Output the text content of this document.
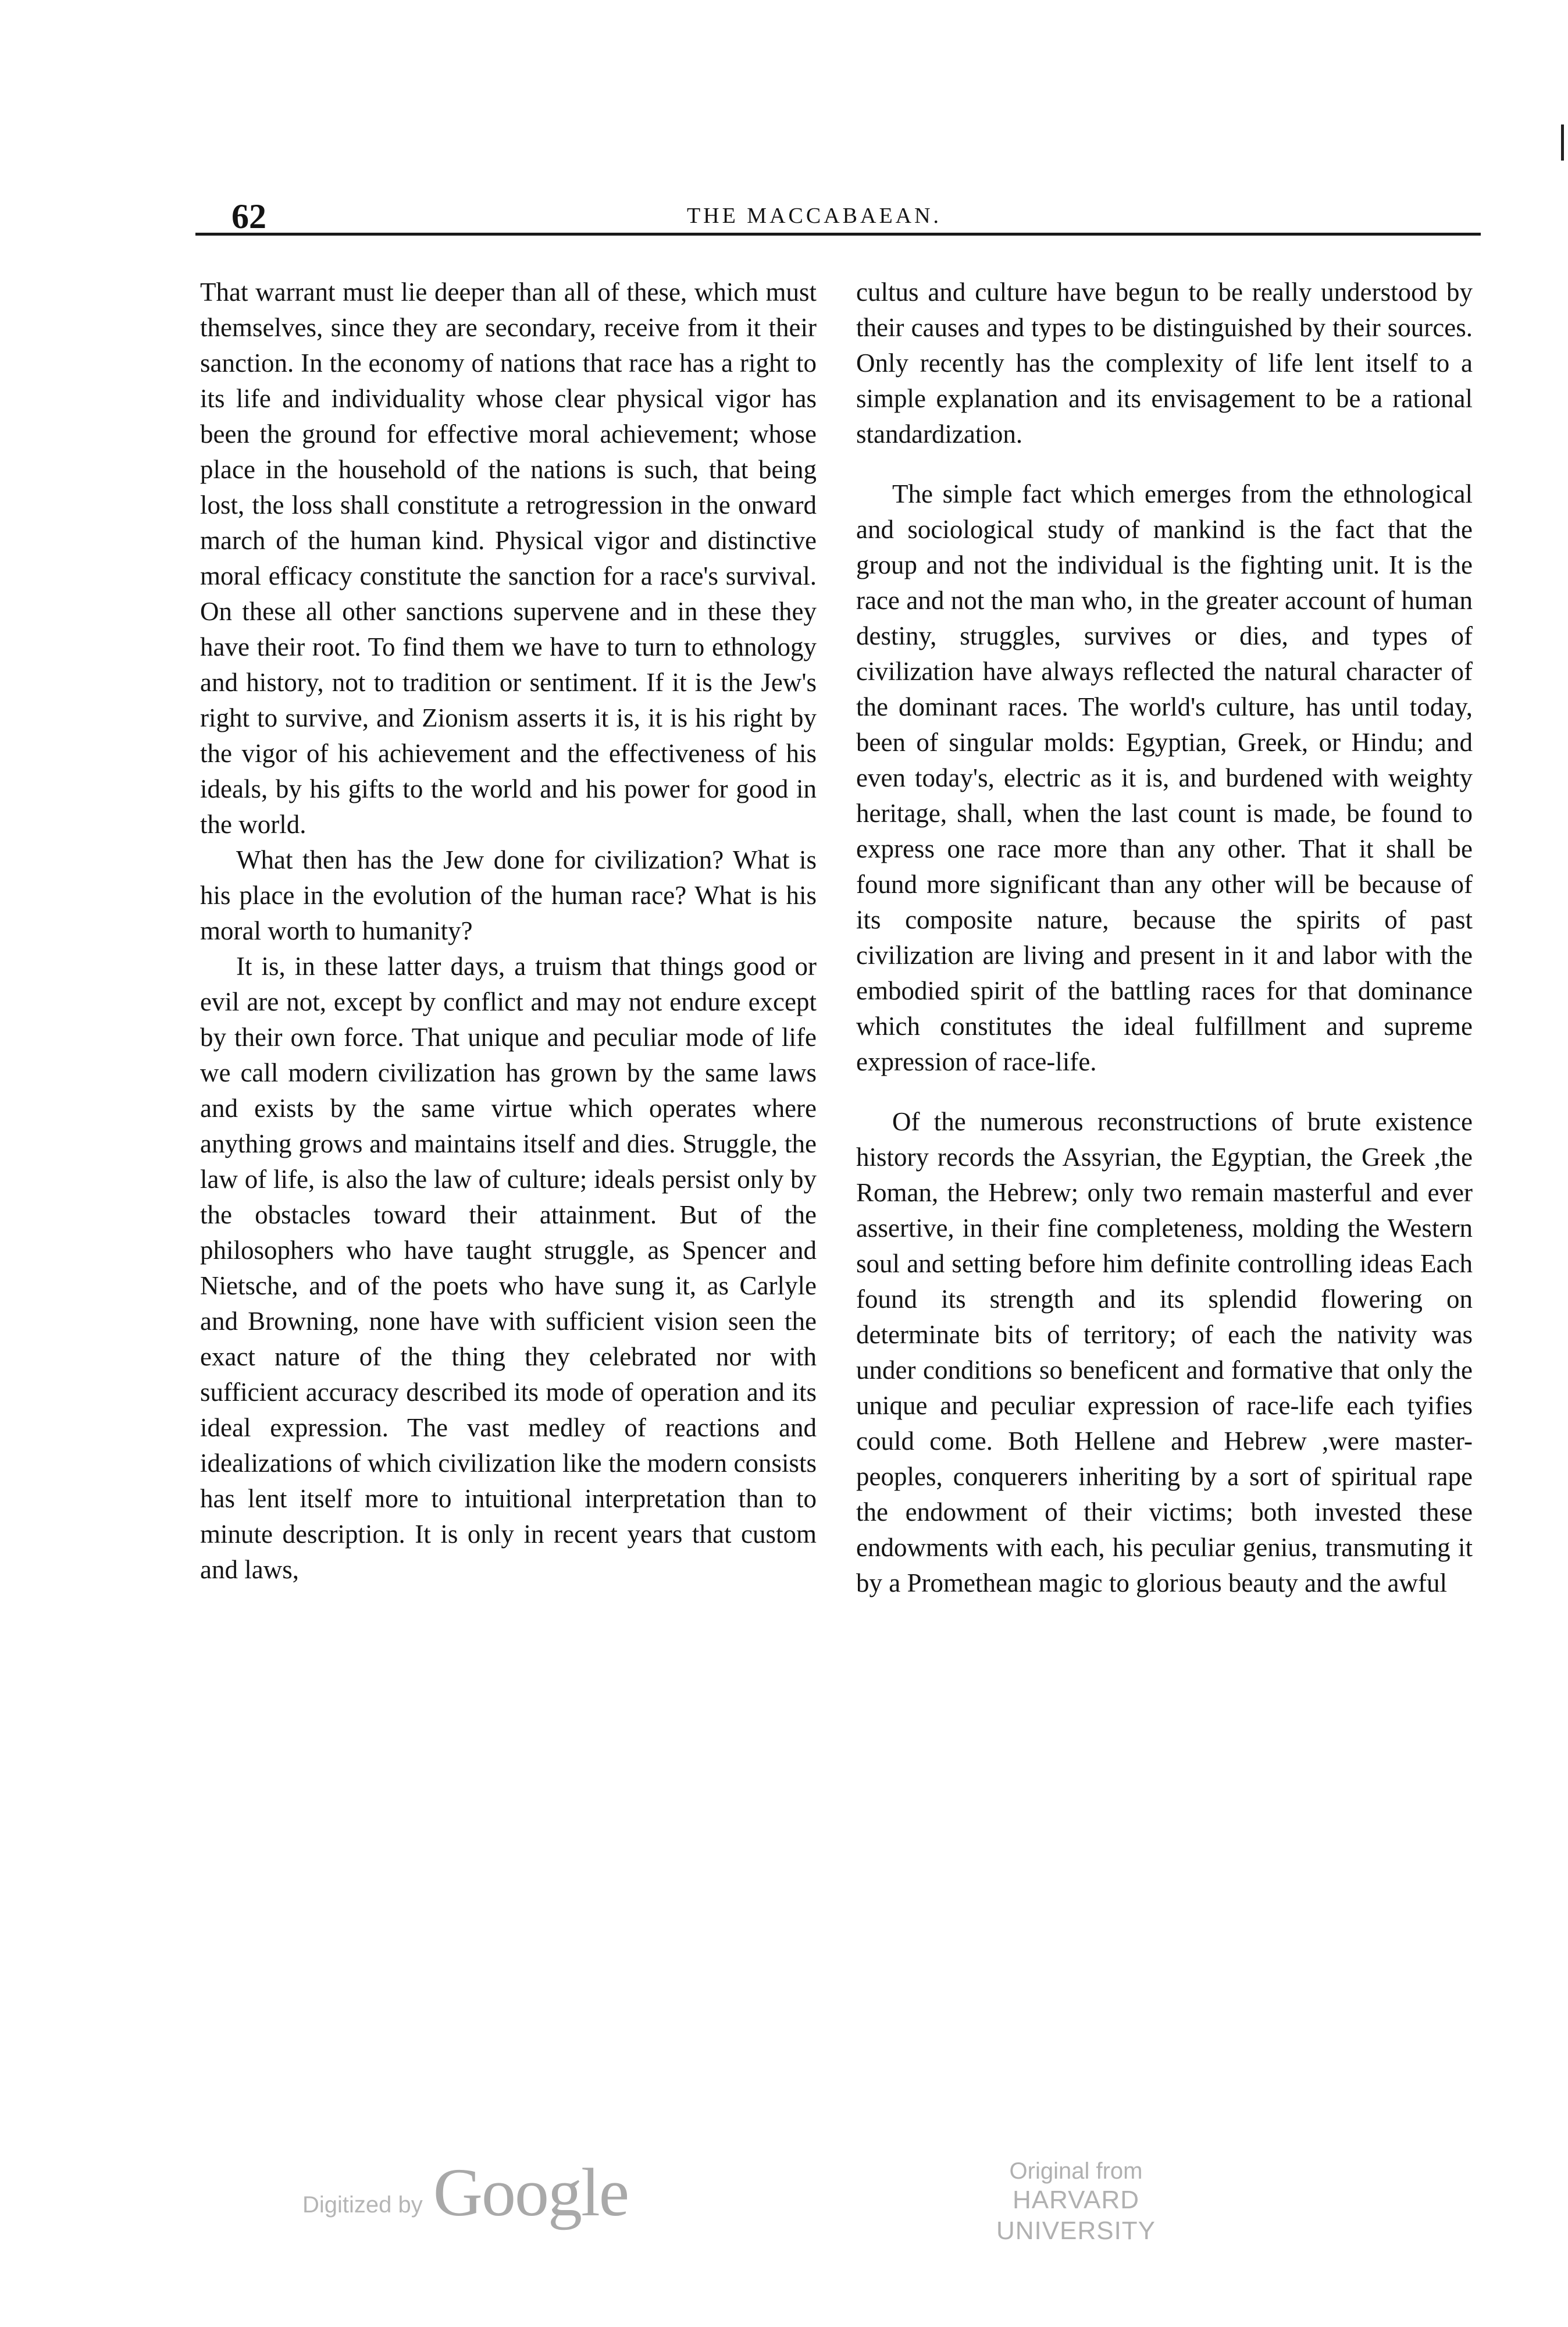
62	THE MACCABAEAN.

That warrant must lie deeper than all of these, which must themselves, since they are secondary, receive from it their sanction. In the economy of nations that race has a right to its life and individuality whose clear physical vigor has been the ground for effective moral achievement; whose place in the household of the nations is such, that being lost, the loss shall constitute a retrogression in the onward march of the human kind. Physical vigor and distinctive moral efficacy constitute the sanction for a race's survival. On these all other sanctions supervene and in these they have their root. To find them we have to turn to ethnology and history, not to tradition or sentiment. If it is the Jew's right to survive, and Zionism asserts it is, it is his right by the vigor of his achievement and the effectiveness of his ideals, by his gifts to the world and his power for good in the world.

What then has the Jew done for civilization? What is his place in the evolution of the human race? What is his moral worth to humanity?

It is, in these latter days, a truism that things good or evil are not, except by conflict and may not endure except by their own force. That unique and peculiar mode of life we call modern civilization has grown by the same laws and exists by the same virtue which operates where anything grows and maintains itself and dies. Struggle, the law of life, is also the law of culture; ideals persist only by the obstacles toward their attainment. But of the philosophers who have taught struggle, as Spencer and Nietsche, and of the poets who have sung it, as Carlyle and Browning, none have with sufficient vision seen the exact nature of the thing they celebrated nor with sufficient accuracy described its mode of operation and its ideal expression. The vast medley of reactions and idealizations of which civilization like the modern consists has lent itself more to intuitional interpretation than to minute description. It is only in recent years that custom and laws,

cultus and culture have begun to be really understood by their causes and types to be distinguished by their sources. Only recently has the complexity of life lent itself to a simple explanation and its envisagement to be a rational standardization.

The simple fact which emerges from the ethnological and sociological study of mankind is the fact that the group and not the individual is the fighting unit. It is the race and not the man who, in the greater account of human destiny, struggles, survives or dies, and types of civilization have always reflected the natural character of the dominant races. The world's culture, has until today, been of singular molds: Egyptian, Greek, or Hindu; and even today's, electric as it is, and burdened with weighty heritage, shall, when the last count is made, be found to express one race more than any other. That it shall be found more significant than any other will be because of its composite nature, because the spirits of past civilization are living and present in it and labor with the embodied spirit of the battling races for that dominance which constitutes the ideal fulfillment and supreme expression of race-life.

Of the numerous reconstructions of brute existence history records the Assyrian, the Egyptian, the Greek ,the Roman, the Hebrew; only two remain masterful and ever assertive, in their fine completeness, molding the Western soul and setting before him definite controlling ideas Each found its strength and its splendid flowering on determinate bits of territory; of each the nativity was under conditions so beneficent and formative that only the unique and peculiar expression of race-life each tyifies could come. Both Hellene and Hebrew ,were master-peoples, conquerers inheriting by a sort of spiritual rape the endowment of their victims; both invested these endowments with each, his peculiar genius, transmuting it by a Promethean magic to glorious beauty and the awful

Digitized by Google	Original from
HARVARD UNIVERSITY
